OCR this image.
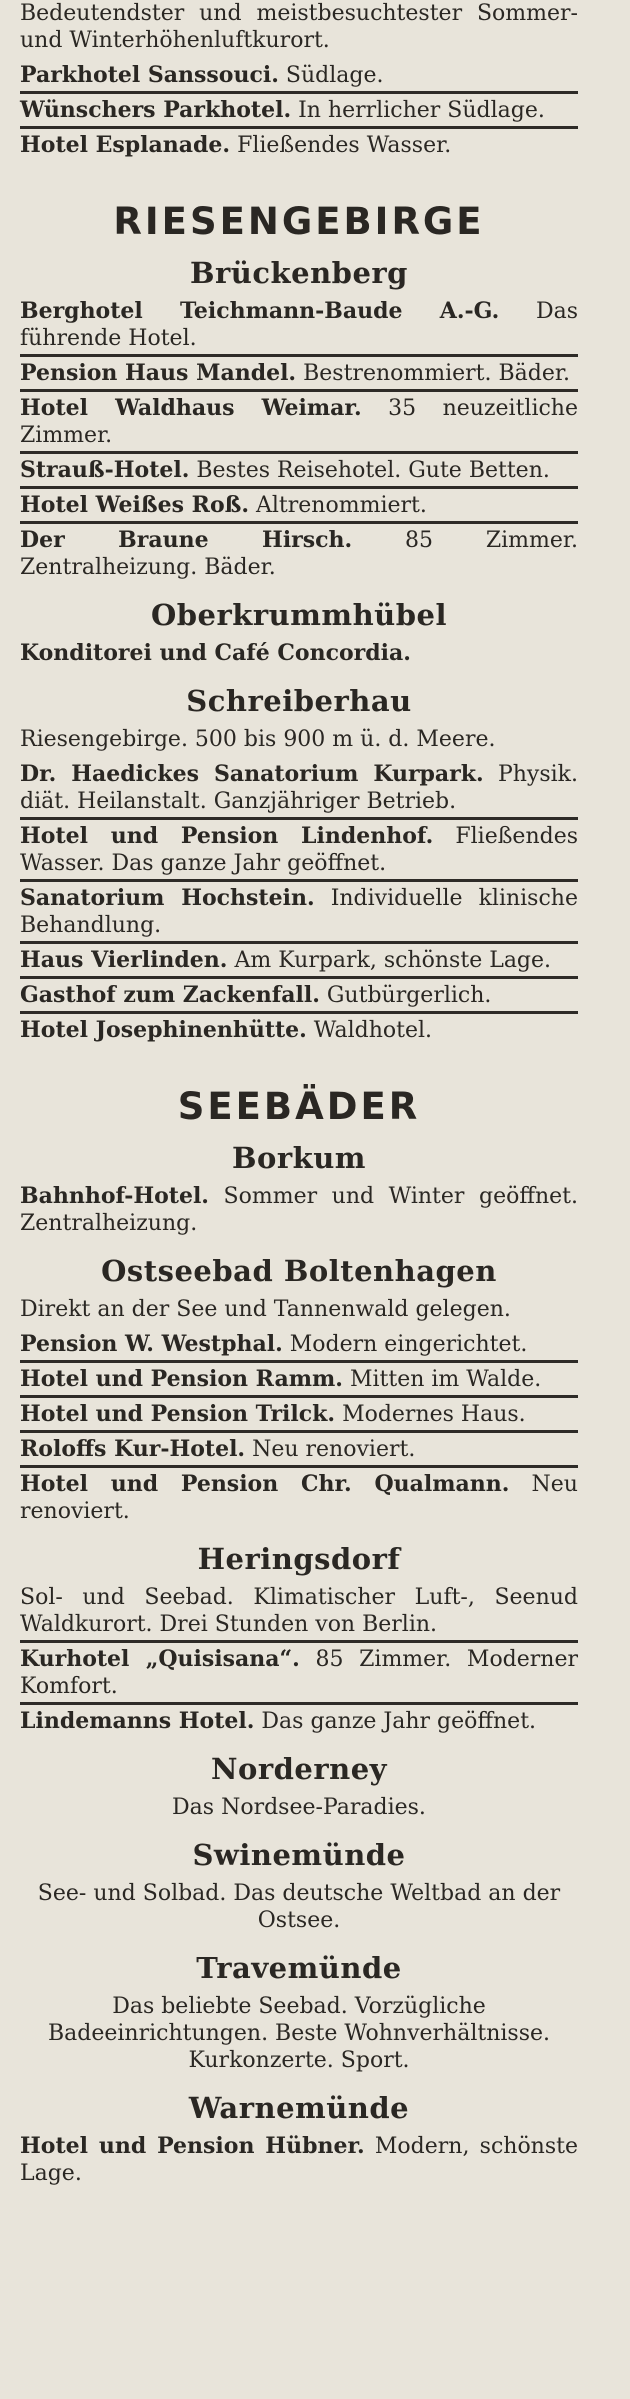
Bedeutendster und meistbesuchtester Sommer- und Winterhöhenluftkurort.

Parkhotel Sanssouci. Südlage.

Wünschers Parkhotel. In herrlicher Südlage.

Hotel Esplanade. Fließendes Wasser.

RIESENGEBIRGE
Brückenberg

Berghotel Teichmann-Baude A.-G. Das führende Hotel.

Pension Haus Mandel. Bestrenommiert. Bäder.

Hotel Waldhaus Weimar. 35 neuzeitliche Zimmer.

Strauß-Hotel. Bestes Reisehotel. Gute Betten.

Hotel Weißes Roß. Altrenommiert.

Der Braune Hirsch. 85 Zimmer. Zentralheizung. Bäder.

Oberkrummhübel

Konditorei und Café Concordia.

Schreiberhau

Riesengebirge. 500 bis 900 m ü. d. Meere.

Dr. Haedickes Sanatorium Kurpark. Physik. diät. Heilanstalt. Ganzjähriger Betrieb.

Hotel und Pension Lindenhof. Fließendes Wasser. Das ganze Jahr geöffnet.

Sanatorium Hochstein. Individuelle klinische Behandlung.

Haus Vierlinden. Am Kurpark, schönste Lage.

Gasthof zum Zackenfall. Gutbürgerlich.

Hotel Josephinenhütte. Waldhotel.

SEEBÄDER
Borkum

Bahnhof-Hotel. Sommer und Winter geöffnet. Zentralheizung.

Ostseebad Boltenhagen

Direkt an der See und Tannenwald gelegen.

Pension W. Westphal. Modern eingerichtet.

Hotel und Pension Ramm. Mitten im Walde.

Hotel und Pension Trilck. Modernes Haus.

Roloffs Kur-Hotel. Neu renoviert.

Hotel und Pension Chr. Qualmann. Neu renoviert.

Heringsdorf

Sol- und Seebad. Klimatischer Luft-, Seenud Waldkurort. Drei Stunden von Berlin.

Kurhotel „Quisisana“. 85 Zimmer. Moderner Komfort.

Lindemanns Hotel. Das ganze Jahr geöffnet.

Norderney

Das Nordsee-Paradies.

Swinemünde

See- und Solbad. Das deutsche Weltbad an der Ostsee.

Travemünde

Das beliebte Seebad. Vorzügliche Badeeinrichtungen. Beste Wohnverhältnisse. Kurkonzerte. Sport.

Warnemünde

Hotel und Pension Hübner. Modern, schönste Lage.
